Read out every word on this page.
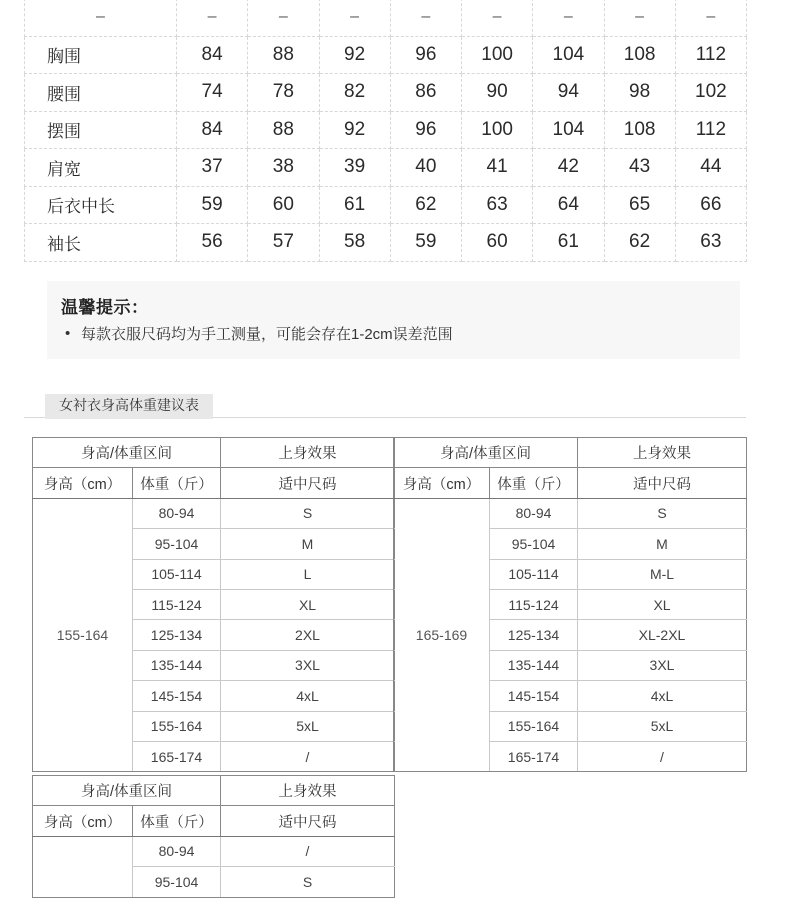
–	–	–	–	–	–	–	–	–
胸围	84	88	92	96	100	104	108	112
腰围	74	78	82	86	90	94	98	102
摆围	84	88	92	96	100	104	108	112
肩宽	37	38	39	40	41	42	43	44
后衣中长	59	60	61	62	63	64	65	66
袖长	56	57	58	59	60	61	62	63
温馨提示：
• 每款衣服尺码均为手工测量，可能会存在1-2cm误差范围
女衬衣身高体重建议表
身高/体重区间		上身效果
身高（cm）	体重（斤）	适中尺码
155-164	80-94	S
	95-104	M
	105-114	L
	115-124	XL
	125-134	2XL
	135-144	3XL
	145-154	4xL
	155-164	5xL
	165-174	/
身高/体重区间		上身效果
身高（cm）	体重（斤）	适中尺码
165-169	80-94	S
	95-104	M
	105-114	M-L
	115-124	XL
	125-134	XL-2XL
	135-144	3XL
	145-154	4xL
	155-164	5xL
	165-174	/
身高/体重区间		上身效果
身高（cm）	体重（斤）	适中尺码
	80-94	/
	95-104	S
